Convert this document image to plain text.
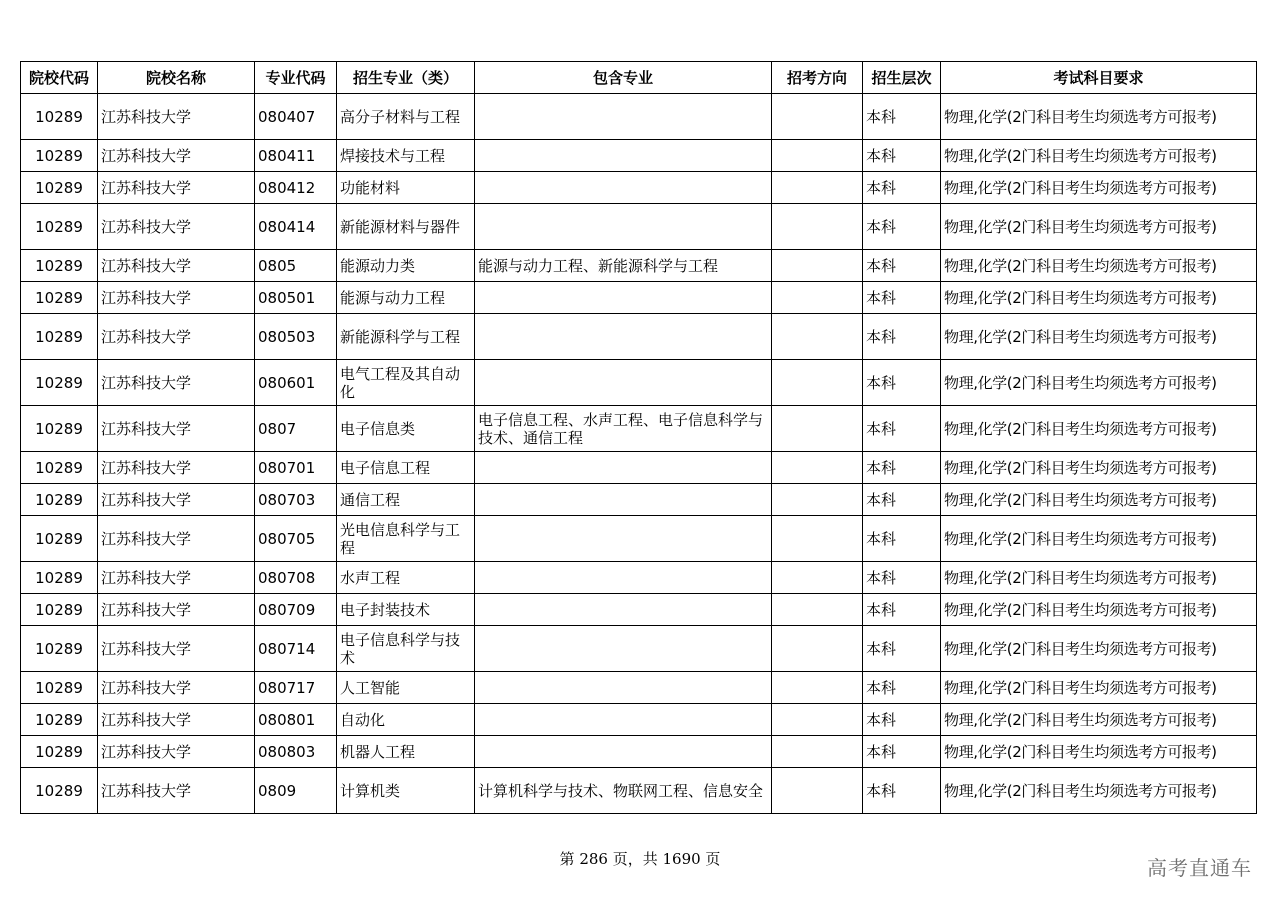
院校代码	院校名称	专业代码	招生专业（类）	包含专业	招考方向	招生层次	考试科目要求
10289	江苏科技大学	080407	高分子材料与工程			本科	物理,化学(2门科目考生均须选考方可报考)
10289	江苏科技大学	080411	焊接技术与工程			本科	物理,化学(2门科目考生均须选考方可报考)
10289	江苏科技大学	080412	功能材料			本科	物理,化学(2门科目考生均须选考方可报考)
10289	江苏科技大学	080414	新能源材料与器件			本科	物理,化学(2门科目考生均须选考方可报考)
10289	江苏科技大学	0805	能源动力类	能源与动力工程、新能源科学与工程		本科	物理,化学(2门科目考生均须选考方可报考)
10289	江苏科技大学	080501	能源与动力工程			本科	物理,化学(2门科目考生均须选考方可报考)
10289	江苏科技大学	080503	新能源科学与工程			本科	物理,化学(2门科目考生均须选考方可报考)
10289	江苏科技大学	080601	电气工程及其自动化			本科	物理,化学(2门科目考生均须选考方可报考)
10289	江苏科技大学	0807	电子信息类	电子信息工程、水声工程、电子信息科学与技术、通信工程		本科	物理,化学(2门科目考生均须选考方可报考)
10289	江苏科技大学	080701	电子信息工程			本科	物理,化学(2门科目考生均须选考方可报考)
10289	江苏科技大学	080703	通信工程			本科	物理,化学(2门科目考生均须选考方可报考)
10289	江苏科技大学	080705	光电信息科学与工程			本科	物理,化学(2门科目考生均须选考方可报考)
10289	江苏科技大学	080708	水声工程			本科	物理,化学(2门科目考生均须选考方可报考)
10289	江苏科技大学	080709	电子封装技术			本科	物理,化学(2门科目考生均须选考方可报考)
10289	江苏科技大学	080714	电子信息科学与技术			本科	物理,化学(2门科目考生均须选考方可报考)
10289	江苏科技大学	080717	人工智能			本科	物理,化学(2门科目考生均须选考方可报考)
10289	江苏科技大学	080801	自动化			本科	物理,化学(2门科目考生均须选考方可报考)
10289	江苏科技大学	080803	机器人工程			本科	物理,化学(2门科目考生均须选考方可报考)
10289	江苏科技大学	0809	计算机类	计算机科学与技术、物联网工程、信息安全		本科	物理,化学(2门科目考生均须选考方可报考)
第 286 页，共 1690 页	高考直通车
